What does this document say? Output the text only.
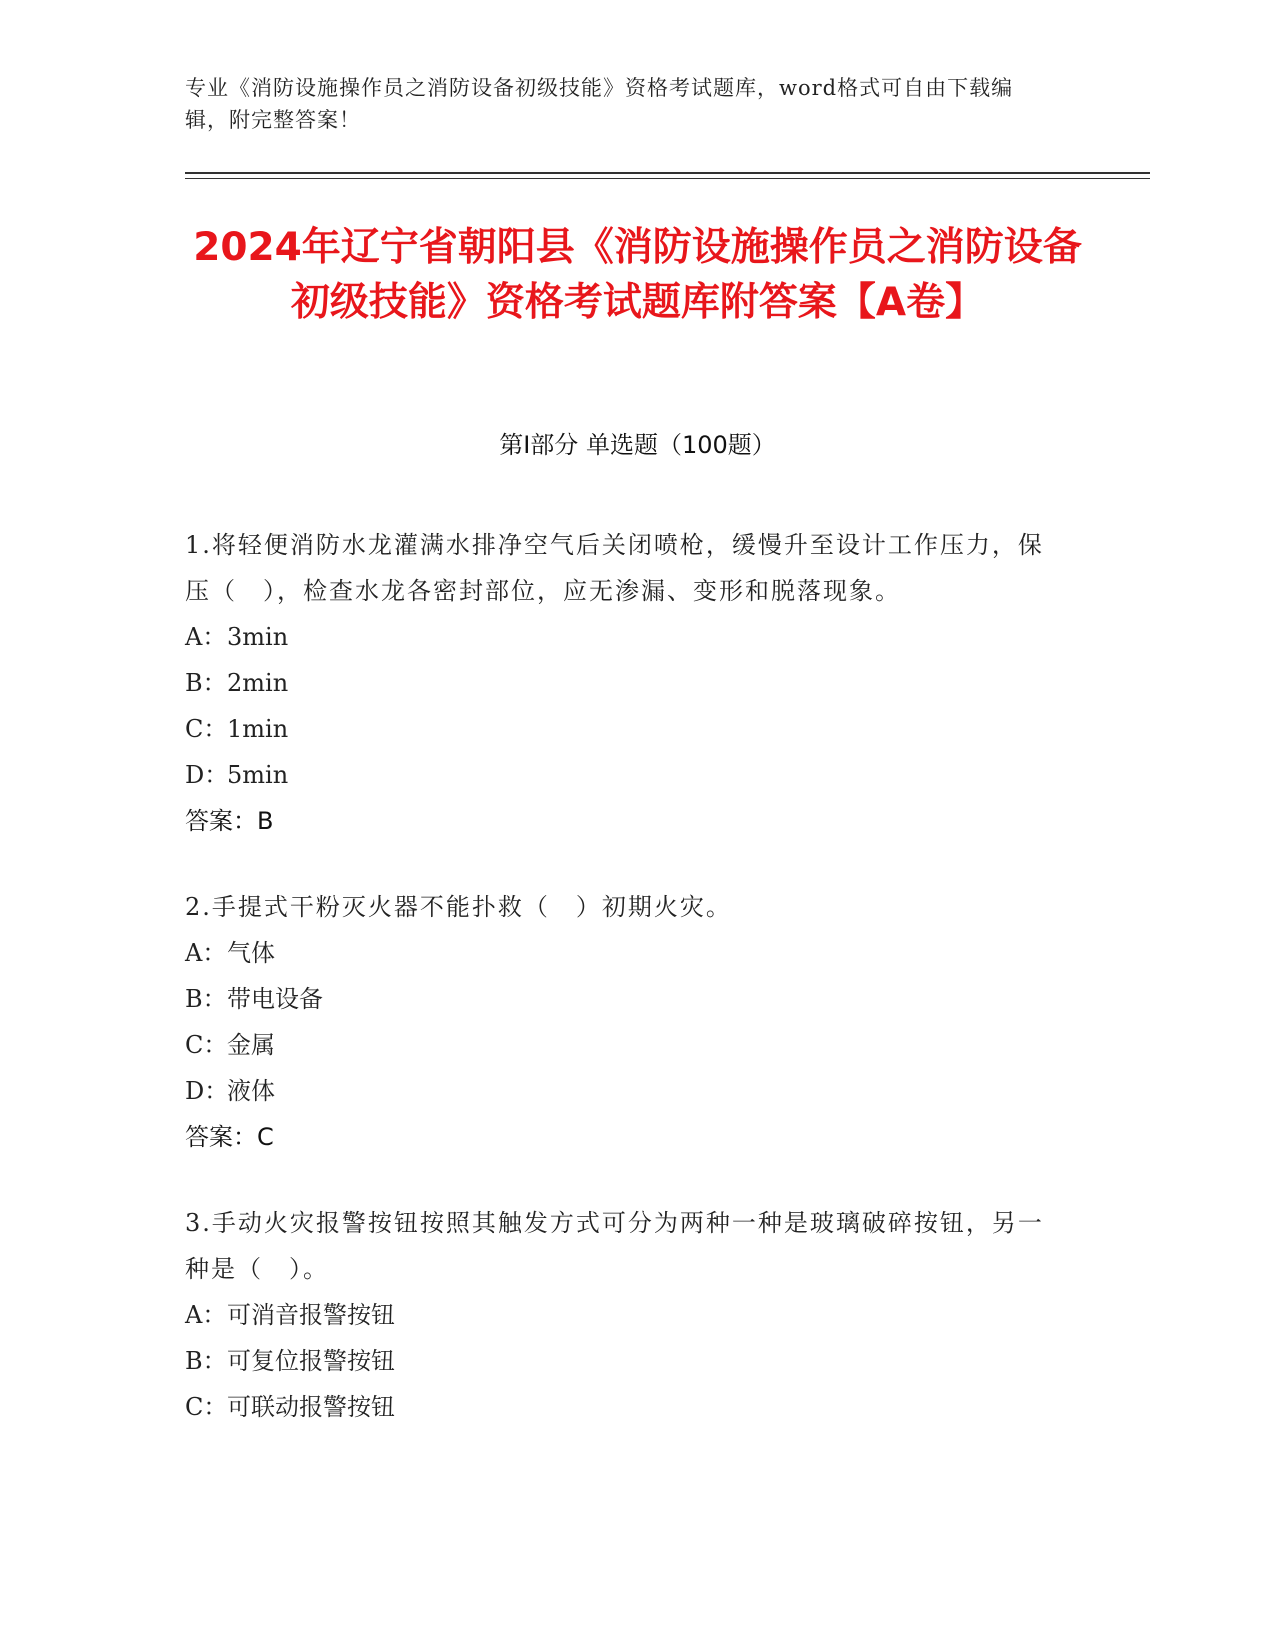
专业《消防设施操作员之消防设备初级技能》资格考试题库，word格式可自由下载编辑，附完整答案！
2024年辽宁省朝阳县《消防设施操作员之消防设备初级技能》资格考试题库附答案【A卷】
第I部分 单选题（100题）
1.将轻便消防水龙灌满水排净空气后关闭喷枪，缓慢升至设计工作压力，保压（　），检查水龙各密封部位，应无渗漏、变形和脱落现象。
A： 3min
B： 2min
C： 1min
D：
5min
答案：B
2.手提式干粉灭火器不能扑救（　）初期火灾。
A： 气体
B： 带电设备
C： 金属
D：
液体
答案：C
3.手动火灾报警按钮按照其触发方式可分为两种一种是玻璃破碎按钮，另一种是（　）。
A： 可消音报警按钮
B： 可复位报警按钮
C： 可联动报警按钮
